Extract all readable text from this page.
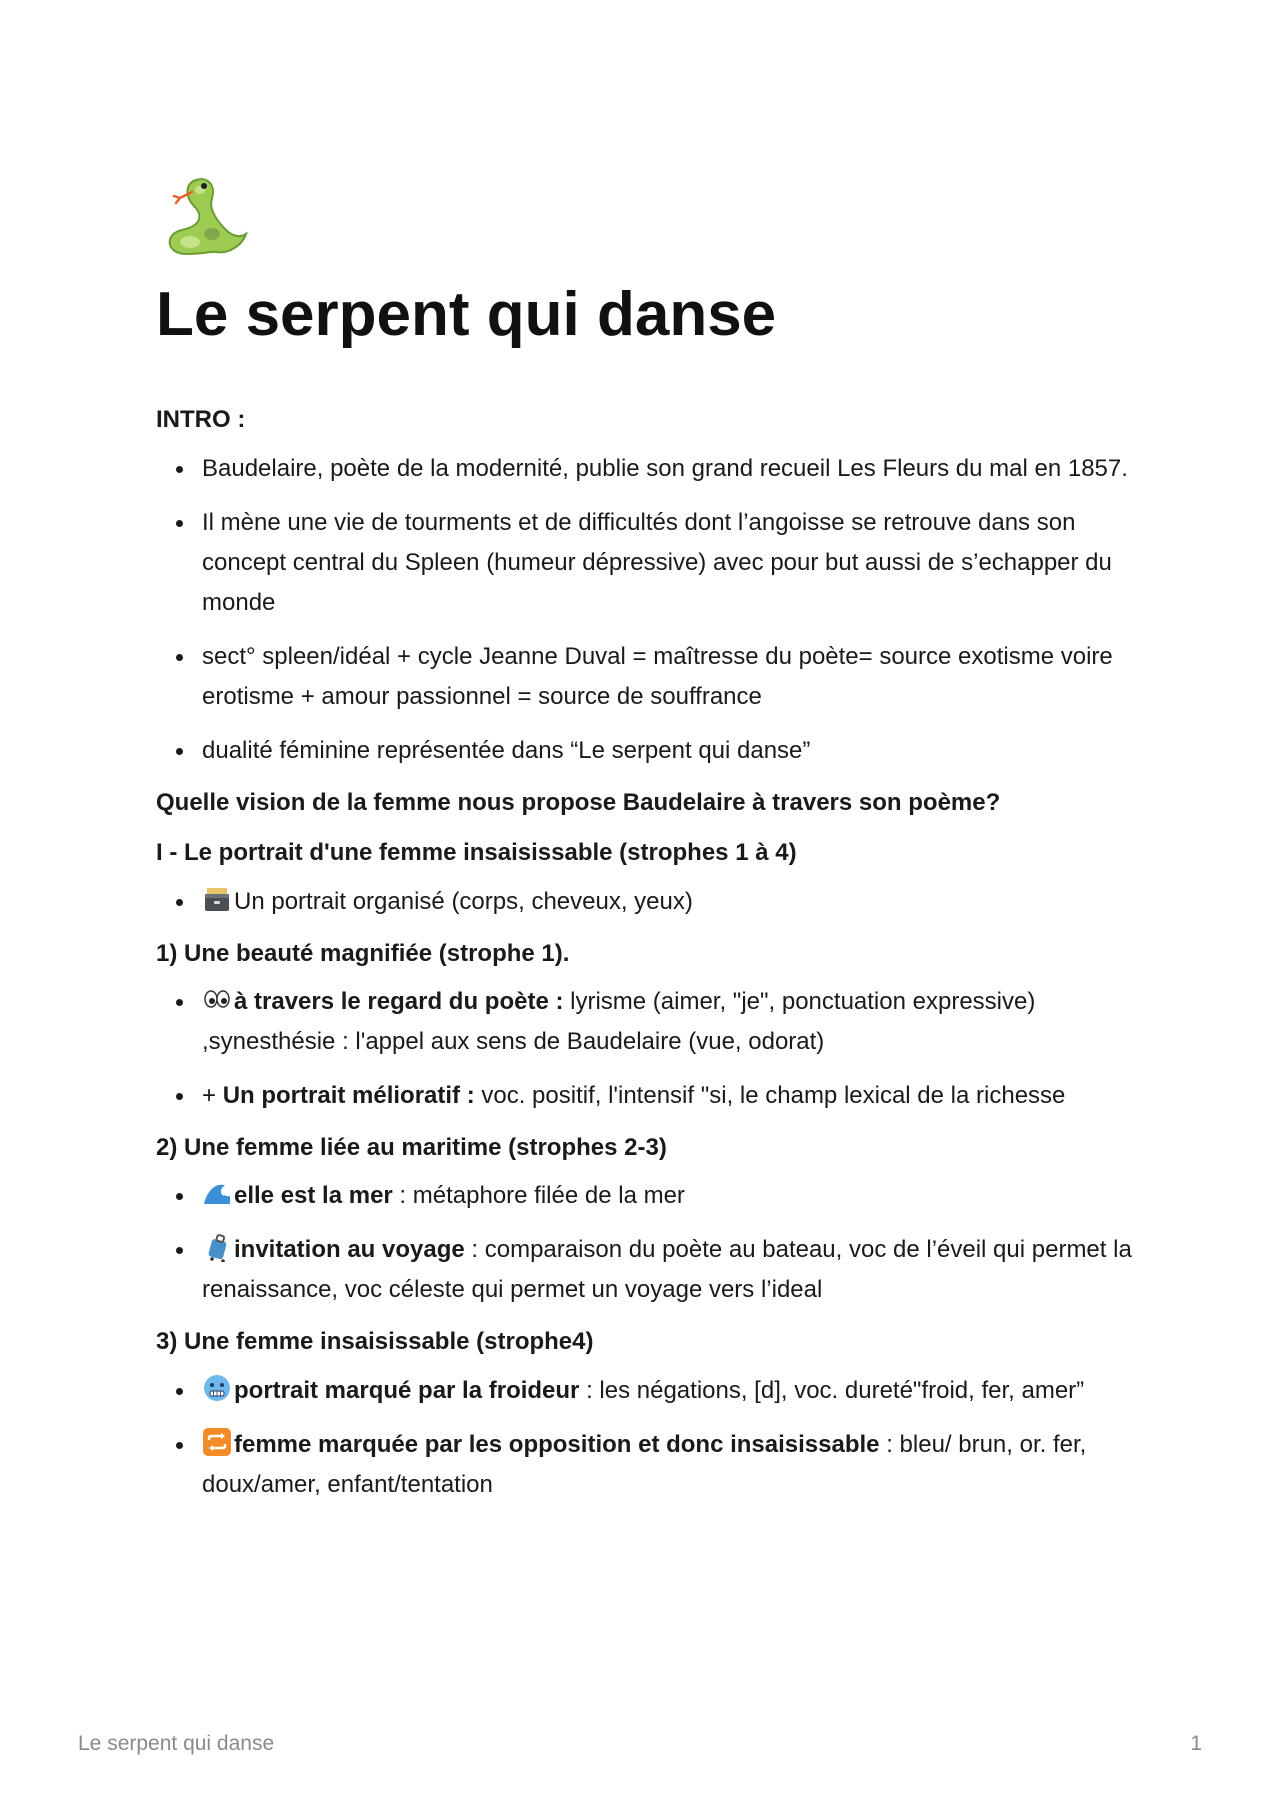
Le serpent qui danse

INTRO :

Baudelaire, poète de la modernité, publie son grand recueil Les Fleurs du mal en 1857.
Il mène une vie de tourments et de difficultés dont l’angoisse se retrouve dans son concept central du Spleen (humeur dépressive) avec pour but aussi de s’echapper du monde
sect° spleen/idéal + cycle Jeanne Duval = maîtresse du poète= source exotisme voire erotisme + amour passionnel = source de souffrance
dualité féminine représentée dans “Le serpent qui danse”

Quelle vision de la femme nous propose Baudelaire à travers son poème?

I - Le portrait d'une femme insaisissable (strophes 1 à 4)

Un portrait organisé (corps, cheveux, yeux)

1) Une beauté magnifiée (strophe 1).

à travers le regard du poète : lyrisme (aimer, "je", ponctuation expressive) ,synesthésie : l'appel aux sens de Baudelaire (vue, odorat)
+ Un portrait mélioratif : voc. positif, l'intensif "si, le champ lexical de la richesse

2) Une femme liée au maritime (strophes 2-3)

elle est la mer : métaphore filée de la mer
invitation au voyage : comparaison du poète au bateau, voc de l’éveil qui permet la renaissance, voc céleste qui permet un voyage vers l’ideal

3) Une femme insaisissable (strophe4)

portrait marqué par la froideur : les négations, [d], voc. dureté"froid, fer, amer”
femme marquée par les opposition et donc insaisissable : bleu/ brun, or. fer, doux/amer, enfant/tentation
Le serpent qui danse	1
